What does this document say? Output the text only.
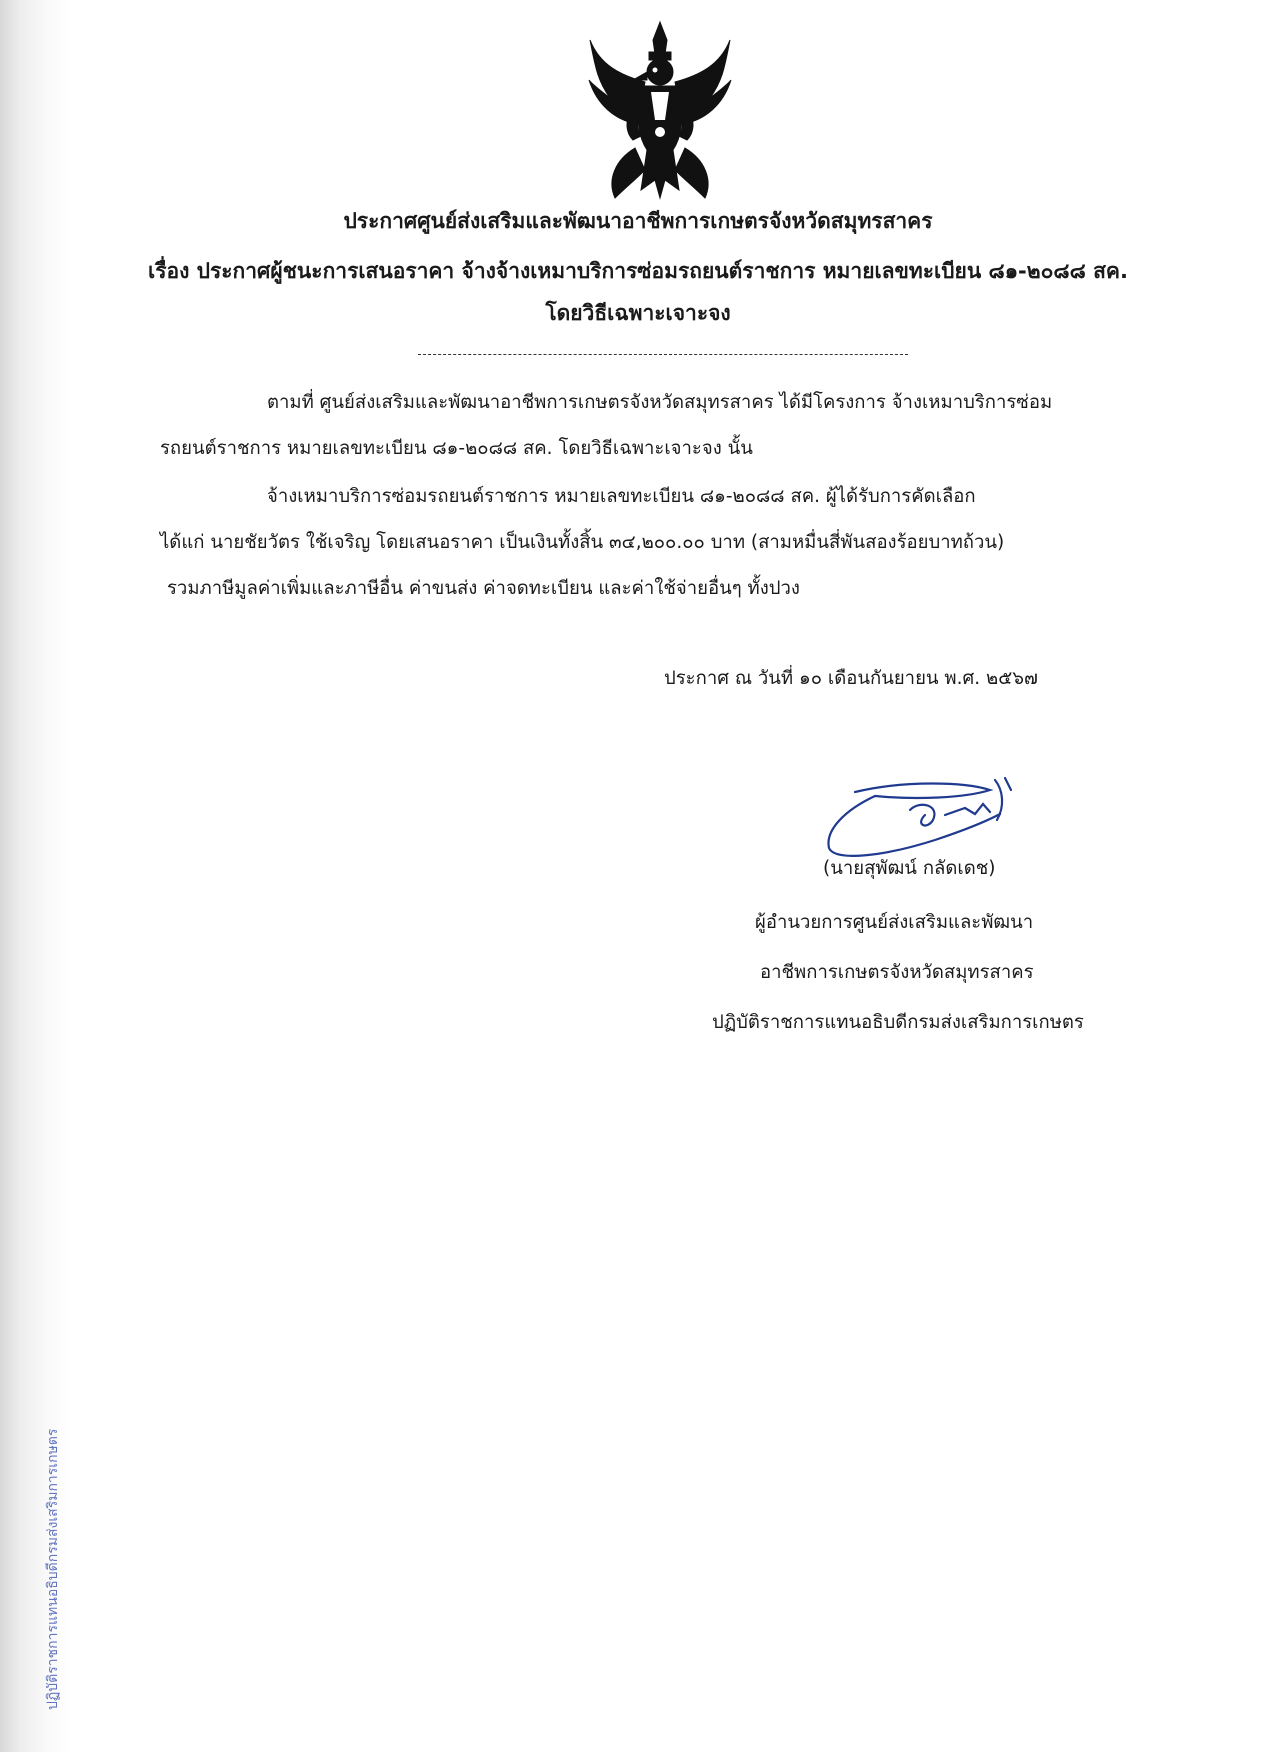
ประกาศศูนย์ส่งเสริมและพัฒนาอาชีพการเกษตรจังหวัดสมุทรสาคร
เรื่อง ประกาศผู้ชนะการเสนอราคา จ้างจ้างเหมาบริการซ่อมรถยนต์ราชการ หมายเลขทะเบียน ๘๑-๒๐๘๘ สค.
โดยวิธีเฉพาะเจาะจง
ตามที่ ศูนย์ส่งเสริมและพัฒนาอาชีพการเกษตรจังหวัดสมุทรสาคร ได้มีโครงการ จ้างเหมาบริการซ่อม
รถยนต์ราชการ หมายเลขทะเบียน ๘๑-๒๐๘๘ สค. โดยวิธีเฉพาะเจาะจง นั้น
จ้างเหมาบริการซ่อมรถยนต์ราชการ หมายเลขทะเบียน ๘๑-๒๐๘๘ สค. ผู้ได้รับการคัดเลือก
ได้แก่ นายชัยวัตร ใช้เจริญ โดยเสนอราคา เป็นเงินทั้งสิ้น ๓๔,๒๐๐.๐๐ บาท (สามหมื่นสี่พันสองร้อยบาทถ้วน)
รวมภาษีมูลค่าเพิ่มและภาษีอื่น ค่าขนส่ง ค่าจดทะเบียน และค่าใช้จ่ายอื่นๆ ทั้งปวง
ประกาศ ณ วันที่ ๑๐ เดือนกันยายน พ.ศ. ๒๕๖๗
(นายสุพัฒน์ กลัดเดช)
ผู้อำนวยการศูนย์ส่งเสริมและพัฒนา
อาชีพการเกษตรจังหวัดสมุทรสาคร
ปฏิบัติราชการแทนอธิบดีกรมส่งเสริมการเกษตร
ปฏิบัติราชการแทนอธิบดีกรมส่งเสริมการเกษตร
